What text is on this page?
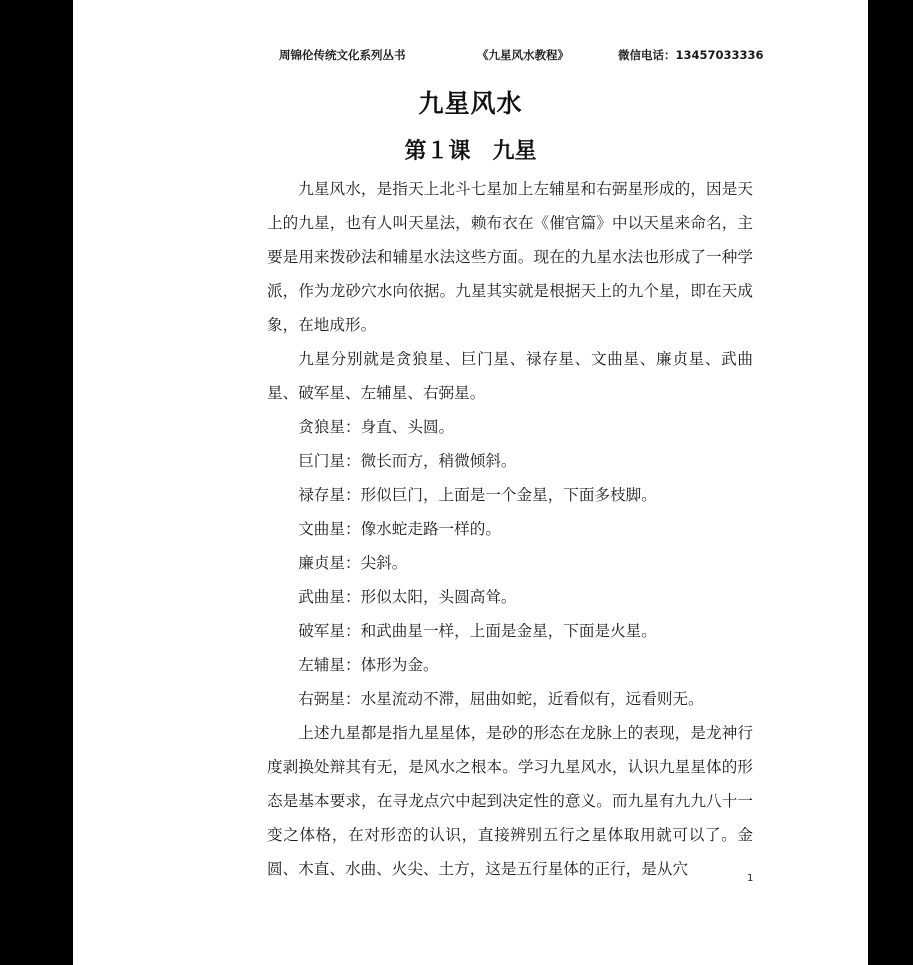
周锦伦传统文化系列丛书	《九星风水教程》	微信电话：13457033336
九星风水
第１课　九星

九星风水，是指天上北斗七星加上左辅星和右弼星形成的，因是天上的九星，也有人叫天星法，赖布衣在《催官篇》中以天星来命名，主要是用来拨砂法和辅星水法这些方面。现在的九星水法也形成了一种学派，作为龙砂穴水向依据。九星其实就是根据天上的九个星，即在天成象，在地成形。

九星分别就是贪狼星、巨门星、禄存星、文曲星、廉贞星、武曲星、破军星、左辅星、右弼星。

贪狼星：身直、头圆。

巨门星：微长而方，稍微倾斜。

禄存星：形似巨门，上面是一个金星，下面多枝脚。

文曲星：像水蛇走路一样的。

廉贞星：尖斜。

武曲星：形似太阳，头圆高耸。

破军星：和武曲星一样，上面是金星，下面是火星。

左辅星：体形为金。

右弼星：水星流动不滞，屈曲如蛇，近看似有，远看则无。

上述九星都是指九星星体，是砂的形态在龙脉上的表现，是龙神行度剥换处辩其有无，是风水之根本。学习九星风水，认识九星星体的形态是基本要求，在寻龙点穴中起到决定性的意义。而九星有九九八十一变之体格，在对形峦的认识，直接辨别五行之星体取用就可以了。金圆、木直、水曲、火尖、土方，这是五行星体的正行，是从穴

1
